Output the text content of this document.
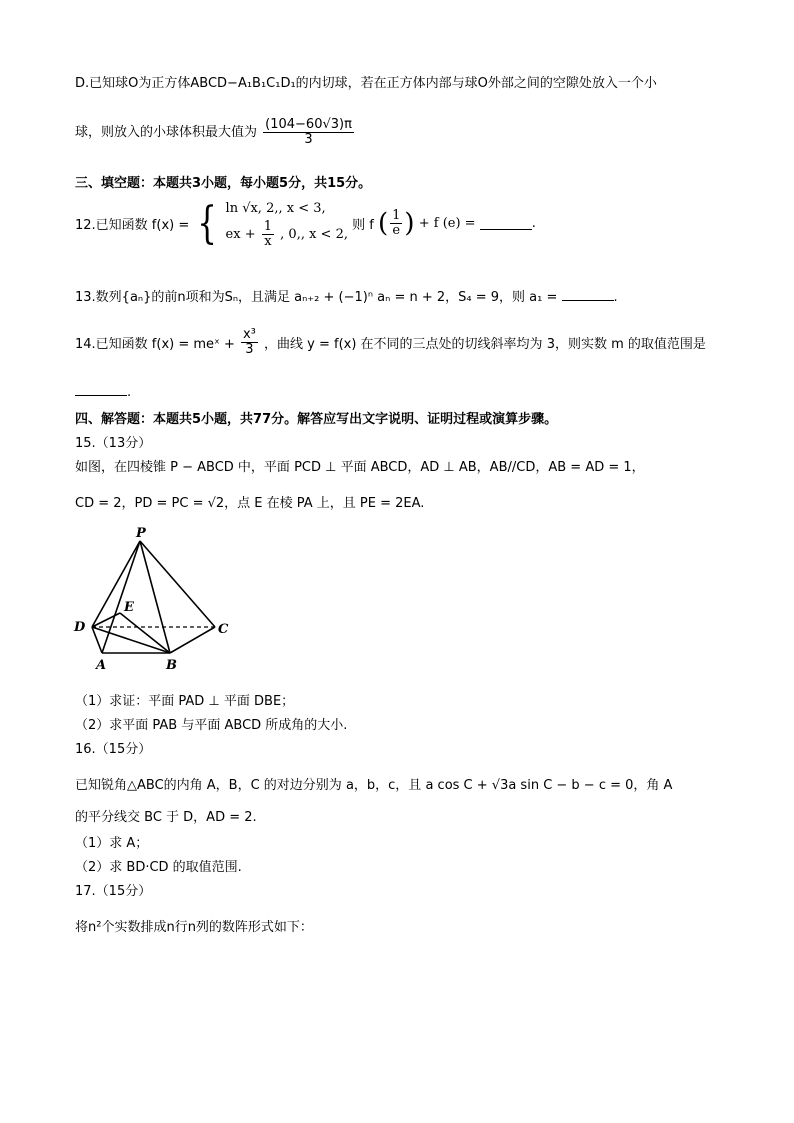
D.已知球O为正方体ABCD−A₁B₁C₁D₁的内切球，若在正方体内部与球O外部之间的空隙处放入一个小
球，则放入的小球体积最大值为 $\frac{(104-60√3)\pi}{3}$
三、填空题：本题共3小题，每小题5分，共15分。
12.已知函数 f(x) = { ln √x, 2,, x < 3,
ex + $\frac{1}{x}$ , 0,, x < 2,
则 f ( $\frac{1}{e}$ ) + f (e) =	.
13.数列{aₙ}的前n项和为Sₙ，且满足 aₙ₊₂ + (−1)ⁿ aₙ = n + 2，S₄ = 9，则 a₁ =	.
14.已知函数 f(x) = meˣ + $\frac{\text{x³}}{3}$ ，曲线 y = f(x) 在不同的三点处的切线斜率均为 3，则实数 m 的取值范围是
.
四、解答题：本题共5小题，共77分。解答应写出文字说明、证明过程或演算步骤。
15.（13分）
如图，在四棱锥 P − ABCD 中，平面 PCD ⊥ 平面 ABCD，AD ⊥ AB，AB//CD，AB = AD = 1，
CD = 2，PD = PC = √2，点 E 在棱 PA 上，且 PE = 2EA.
P
E
D	C
A	B
（1）求证：平面 PAD ⊥ 平面 DBE；
（2）求平面 PAB 与平面 ABCD 所成角的大小.
16.（15分）
已知锐角△ABC的内角 A，B，C 的对边分别为 a，b，c，且 a cos C + √3a sin C − b − c = 0，角 A
的平分线交 BC 于 D，AD = 2.
（1）求 A；
（2）求 BD·CD 的取值范围.
17.（15分）
将n²个实数排成n行n列的数阵形式如下：
